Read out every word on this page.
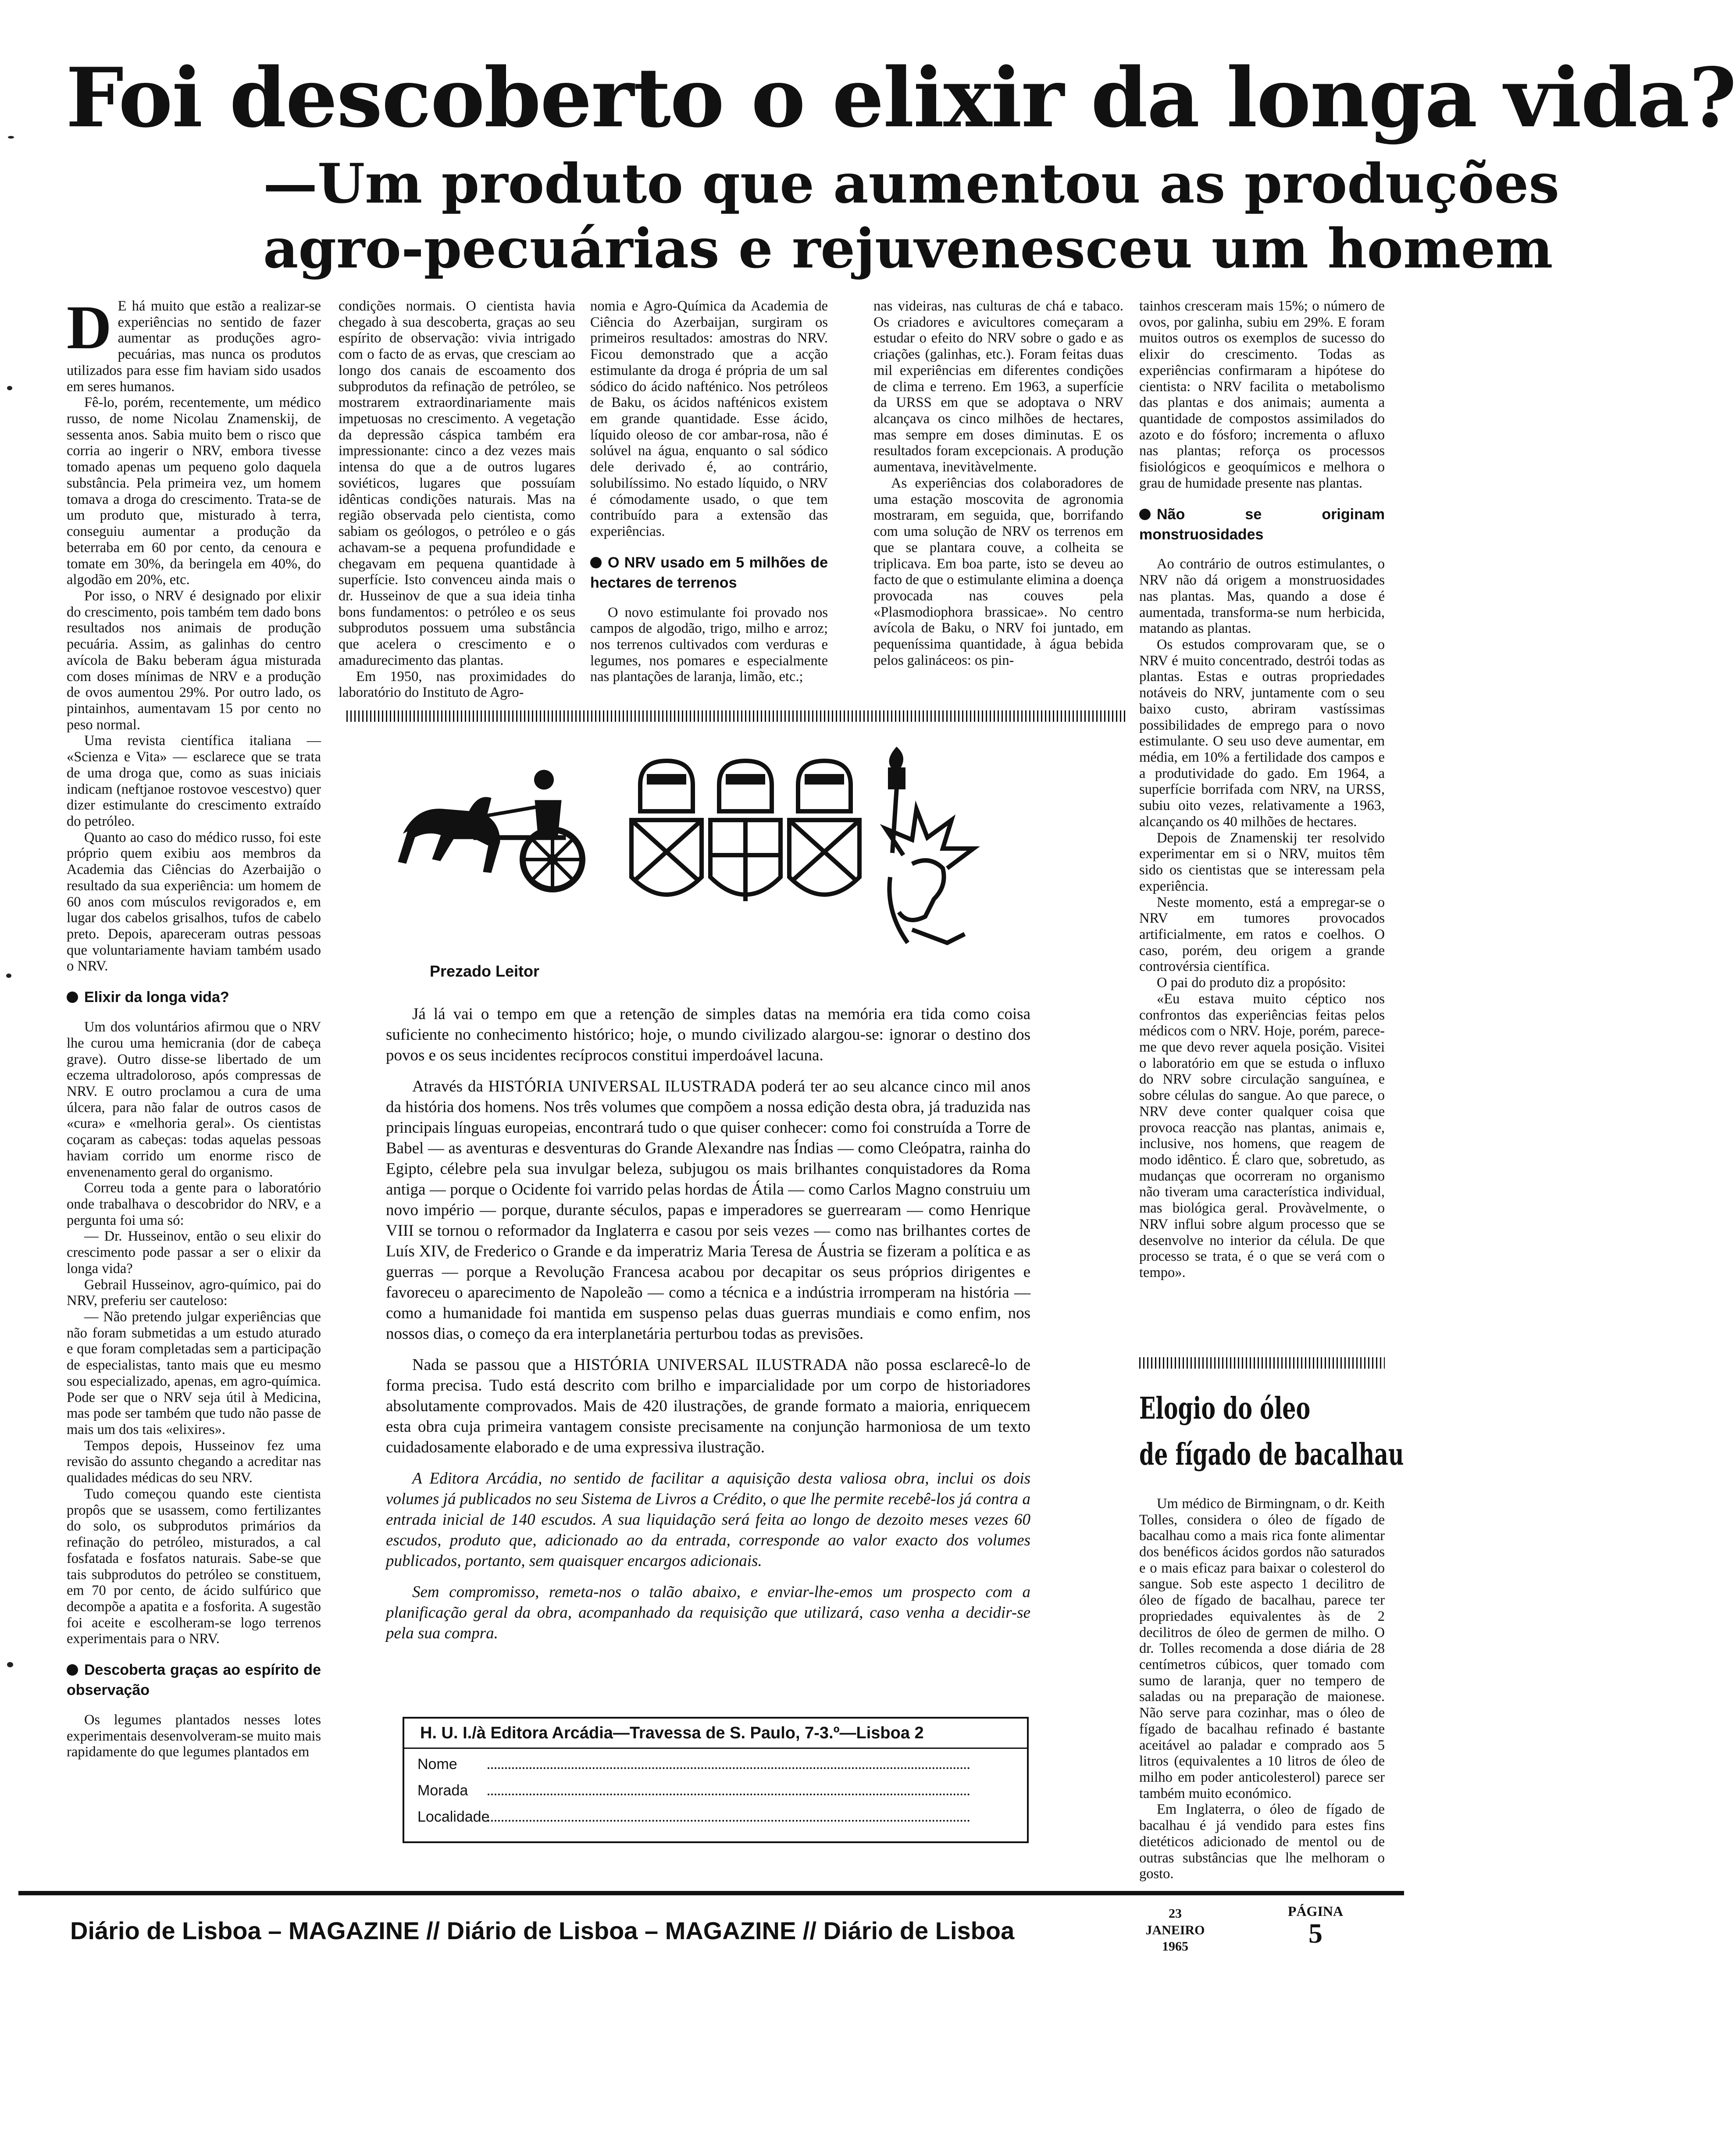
Foi descoberto o elixir da longa vida?
—Um produto que aumentou as produções
agro-pecuárias e rejuvenesceu um homem

D E há muito que estão a realizar-se experiências no sentido de fazer aumentar as produções agro-pecuárias, mas nunca os produtos utilizados para esse fim haviam sido usados em seres humanos.

Fê-lo, porém, recentemente, um médico russo, de nome Nicolau Znamenskij, de sessenta anos. Sabia muito bem o risco que corria ao ingerir o NRV, embora tivesse tomado apenas um pequeno golo daquela substância. Pela primeira vez, um homem tomava a droga do crescimento. Trata-se de um produto que, misturado à terra, conseguiu aumentar a produção da beterraba em 60 por cento, da cenoura e tomate em 30%, da beringela em 40%, do algodão em 20%, etc.

Por isso, o NRV é designado por elixir do crescimento, pois também tem dado bons resultados nos animais de produção pecuária. Assim, as galinhas do centro avícola de Baku beberam água misturada com doses mínimas de NRV e a produção de ovos aumentou 29%. Por outro lado, os pintainhos, aumentavam 15 por cento no peso normal.

Uma revista científica italiana — «Scienza e Vita» — esclarece que se trata de uma droga que, como as suas iniciais indicam (neftjanoe rostovoe vescestvo) quer dizer estimulante do crescimento extraído do petróleo.

Quanto ao caso do médico russo, foi este próprio quem exibiu aos membros da Academia das Ciências do Azerbaijão o resultado da sua experiência: um homem de 60 anos com músculos revigorados e, em lugar dos cabelos grisalhos, tufos de cabelo preto. Depois, apareceram outras pessoas que voluntariamente haviam também usado o NRV.

Elixir da longa vida?

Um dos voluntários afirmou que o NRV lhe curou uma hemicrania (dor de cabeça grave). Outro disse-se libertado de um eczema ultradoloroso, após compressas de NRV. E outro proclamou a cura de uma úlcera, para não falar de outros casos de «cura» e «melhoria geral». Os cientistas coçaram as cabeças: todas aquelas pessoas haviam corrido um enorme risco de envenenamento geral do organismo.

Correu toda a gente para o laboratório onde trabalhava o descobridor do NRV, e a pergunta foi uma só:

— Dr. Husseinov, então o seu elixir do crescimento pode passar a ser o elixir da longa vida?

Gebrail Husseinov, agro-químico, pai do NRV, preferiu ser cauteloso:

— Não pretendo julgar experiências que não foram submetidas a um estudo aturado e que foram completadas sem a participação de especialistas, tanto mais que eu mesmo sou especializado, apenas, em agro-química. Pode ser que o NRV seja útil à Medicina, mas pode ser também que tudo não passe de mais um dos tais «elixires».

Tempos depois, Husseinov fez uma revisão do assunto chegando a acreditar nas qualidades médicas do seu NRV.

Tudo começou quando este cientista propôs que se usassem, como fertilizantes do solo, os subprodutos primários da refinação do petróleo, misturados, a cal fosfatada e fosfatos naturais. Sabe-se que tais subprodutos do petróleo se constituem, em 70 por cento, de ácido sulfúrico que decompõe a apatita e a fosforita. A sugestão foi aceite e escolheram-se logo terrenos experimentais para o NRV.

Descoberta graças ao espírito de observação

Os legumes plantados nesses lotes experimentais desenvolveram-se muito mais rapidamente do que legumes plantados em

condições normais. O cientista havia chegado à sua descoberta, graças ao seu espírito de observação: vivia intrigado com o facto de as ervas, que cresciam ao longo dos canais de escoamento dos subprodutos da refinação de petróleo, se mostrarem extraordinariamente mais impetuosas no crescimento. A vegetação da depressão cáspica também era impressionante: cinco a dez vezes mais intensa do que a de outros lugares soviéticos, lugares que possuíam idênticas condições naturais. Mas na região observada pelo cientista, como sabiam os geólogos, o petróleo e o gás achavam-se a pequena profundidade e chegavam em pequena quantidade à superfície. Isto convenceu ainda mais o dr. Husseinov de que a sua ideia tinha bons fundamentos: o petróleo e os seus subprodutos possuem uma substância que acelera o crescimento e o amadurecimento das plantas.

Em 1950, nas proximidades do laboratório do Instituto de Agro-

nomia e Agro-Química da Academia de Ciência do Azerbaijan, surgiram os primeiros resultados: amostras do NRV. Ficou demonstrado que a acção estimulante da droga é própria de um sal sódico do ácido nafténico. Nos petróleos de Baku, os ácidos nafténicos existem em grande quantidade. Esse ácido, líquido oleoso de cor ambar-rosa, não é solúvel na água, enquanto o sal sódico dele derivado é, ao contrário, solubilíssimo. No estado líquido, o NRV é cómodamente usado, o que tem contribuído para a extensão das experiências.

O NRV usado em 5 milhões de hectares de terrenos

O novo estimulante foi provado nos campos de algodão, trigo, milho e arroz; nos terrenos cultivados com verduras e legumes, nos pomares e especialmente nas plantações de laranja, limão, etc.;

nas videiras, nas culturas de chá e tabaco. Os criadores e avicultores começaram a estudar o efeito do NRV sobre o gado e as criações (galinhas, etc.). Foram feitas duas mil experiências em diferentes condições de clima e terreno. Em 1963, a superfície da URSS em que se adoptava o NRV alcançava os cinco milhões de hectares, mas sempre em doses diminutas. E os resultados foram excepcionais. A produção aumentava, inevitàvelmente.

As experiências dos colaboradores de uma estação moscovita de agronomia mostraram, em seguida, que, borrifando com uma solução de NRV os terrenos em que se plantara couve, a colheita se triplicava. Em boa parte, isto se deveu ao facto de que o estimulante elimina a doença provocada nas couves pela «Plasmodiophora brassicae». No centro avícola de Baku, o NRV foi juntado, em pequeníssima quantidade, à água bebida pelos galináceos: os pin-

tainhos cresceram mais 15%; o número de ovos, por galinha, subiu em 29%. E foram muitos outros os exemplos de sucesso do elixir do crescimento. Todas as experiências confirmaram a hipótese do cientista: o NRV facilita o metabolismo das plantas e dos animais; aumenta a quantidade de compostos assimilados do azoto e do fósforo; incrementa o afluxo nas plantas; reforça os processos fisiológicos e geoquímicos e melhora o grau de humidade presente nas plantas.

Não se originam monstruosidades

Ao contrário de outros estimulantes, o NRV não dá origem a monstruosidades nas plantas. Mas, quando a dose é aumentada, transforma-se num herbicida, matando as plantas.

Os estudos comprovaram que, se o NRV é muito concentrado, destrói todas as plantas. Estas e outras propriedades notáveis do NRV, juntamente com o seu baixo custo, abriram vastíssimas possibilidades de emprego para o novo estimulante. O seu uso deve aumentar, em média, em 10% a fertilidade dos campos e a produtividade do gado. Em 1964, a superfície borrifada com NRV, na URSS, subiu oito vezes, relativamente a 1963, alcançando os 40 milhões de hectares.

Depois de Znamenskij ter resolvido experimentar em si o NRV, muitos têm sido os cientistas que se interessam pela experiência.

Neste momento, está a empregar-se o NRV em tumores provocados artificialmente, em ratos e coelhos. O caso, porém, deu origem a grande controvérsia científica.

O pai do produto diz a propósito:

«Eu estava muito céptico nos confrontos das experiências feitas pelos médicos com o NRV. Hoje, porém, parece-me que devo rever aquela posição. Visitei o laboratório em que se estuda o influxo do NRV sobre circulação sanguínea, e sobre células do sangue. Ao que parece, o NRV deve conter qualquer coisa que provoca reacção nas plantas, animais e, inclusive, nos homens, que reagem de modo idêntico. É claro que, sobretudo, as mudanças que ocorreram no organismo não tiveram uma característica individual, mas biológica geral. Provàvelmente, o NRV influi sobre algum processo que se desenvolve no interior da célula. De que processo se trata, é o que se verá com o tempo».

Elogio do óleo
de fígado de bacalhau

Um médico de Birmingnam, o dr. Keith Tolles, considera o óleo de fígado de bacalhau como a mais rica fonte alimentar dos benéficos ácidos gordos não saturados e o mais eficaz para baixar o colesterol do sangue. Sob este aspecto 1 decilitro de óleo de fígado de bacalhau, parece ter propriedades equivalentes às de 2 decilitros de óleo de germen de milho. O dr. Tolles recomenda a dose diária de 28 centímetros cúbicos, quer tomado com sumo de laranja, quer no tempero de saladas ou na preparação de maionese. Não serve para cozinhar, mas o óleo de fígado de bacalhau refinado é bastante aceitável ao paladar e comprado aos 5 litros (equivalentes a 10 litros de óleo de milho em poder anticolesterol) parece ser também muito económico.

Em Inglaterra, o óleo de fígado de bacalhau é já vendido para estes fins dietéticos adicionado de mentol ou de outras substâncias que lhe melhoram o gosto.

Prezado Leitor

Já lá vai o tempo em que a retenção de simples datas na memória era tida como coisa suficiente no conhecimento histórico; hoje, o mundo civilizado alargou-se: ignorar o destino dos povos e os seus incidentes recíprocos constitui imperdoável lacuna.

Através da HISTÓRIA UNIVERSAL ILUSTRADA poderá ter ao seu alcance cinco mil anos da história dos homens. Nos três volumes que compõem a nossa edição desta obra, já traduzida nas principais línguas europeias, encontrará tudo o que quiser conhecer: como foi construída a Torre de Babel — as aventuras e desventuras do Grande Alexandre nas Índias — como Cleópatra, rainha do Egipto, célebre pela sua invulgar beleza, subjugou os mais brilhantes conquistadores da Roma antiga — porque o Ocidente foi varrido pelas hordas de Átila — como Carlos Magno construiu um novo império — porque, durante séculos, papas e imperadores se guerrearam — como Henrique VIII se tornou o reformador da Inglaterra e casou por seis vezes — como nas brilhantes cortes de Luís XIV, de Frederico o Grande e da imperatriz Maria Teresa de Áustria se fizeram a política e as guerras — porque a Revolução Francesa acabou por decapitar os seus próprios dirigentes e favoreceu o aparecimento de Napoleão — como a técnica e a indústria irromperam na história — como a humanidade foi mantida em suspenso pelas duas guerras mundiais e como enfim, nos nossos dias, o começo da era interplanetária perturbou todas as previsões.

Nada se passou que a HISTÓRIA UNIVERSAL ILUSTRADA não possa esclarecê-lo de forma precisa. Tudo está descrito com brilho e imparcialidade por um corpo de historiadores absolutamente comprovados. Mais de 420 ilustrações, de grande formato a maioria, enriquecem esta obra cuja primeira vantagem consiste precisamente na conjunção harmoniosa de um texto cuidadosamente elaborado e de uma expressiva ilustração.

A Editora Arcádia, no sentido de facilitar a aquisição desta valiosa obra, inclui os dois volumes já publicados no seu Sistema de Livros a Crédito, o que lhe permite recebê-los já contra a entrada inicial de 140 escudos. A sua liquidação será feita ao longo de dezoito meses vezes 60 escudos, produto que, adicionado ao da entrada, corresponde ao valor exacto dos volumes publicados, portanto, sem quaisquer encargos adicionais.

Sem compromisso, remeta-nos o talão abaixo, e enviar-lhe-emos um prospecto com a planificação geral da obra, acompanhado da requisição que utilizará, caso venha a decidir-se pela sua compra.

H. U. I./à Editora Arcádia—Travessa de S. Paulo, 7-3.º—Lisboa 2
Nome
Morada
Localidade
Diário de Lisboa – MAGAZINE // Diário de Lisboa – MAGAZINE // Diário de Lisboa
23
JANEIRO
1965
PÁGINA
5
